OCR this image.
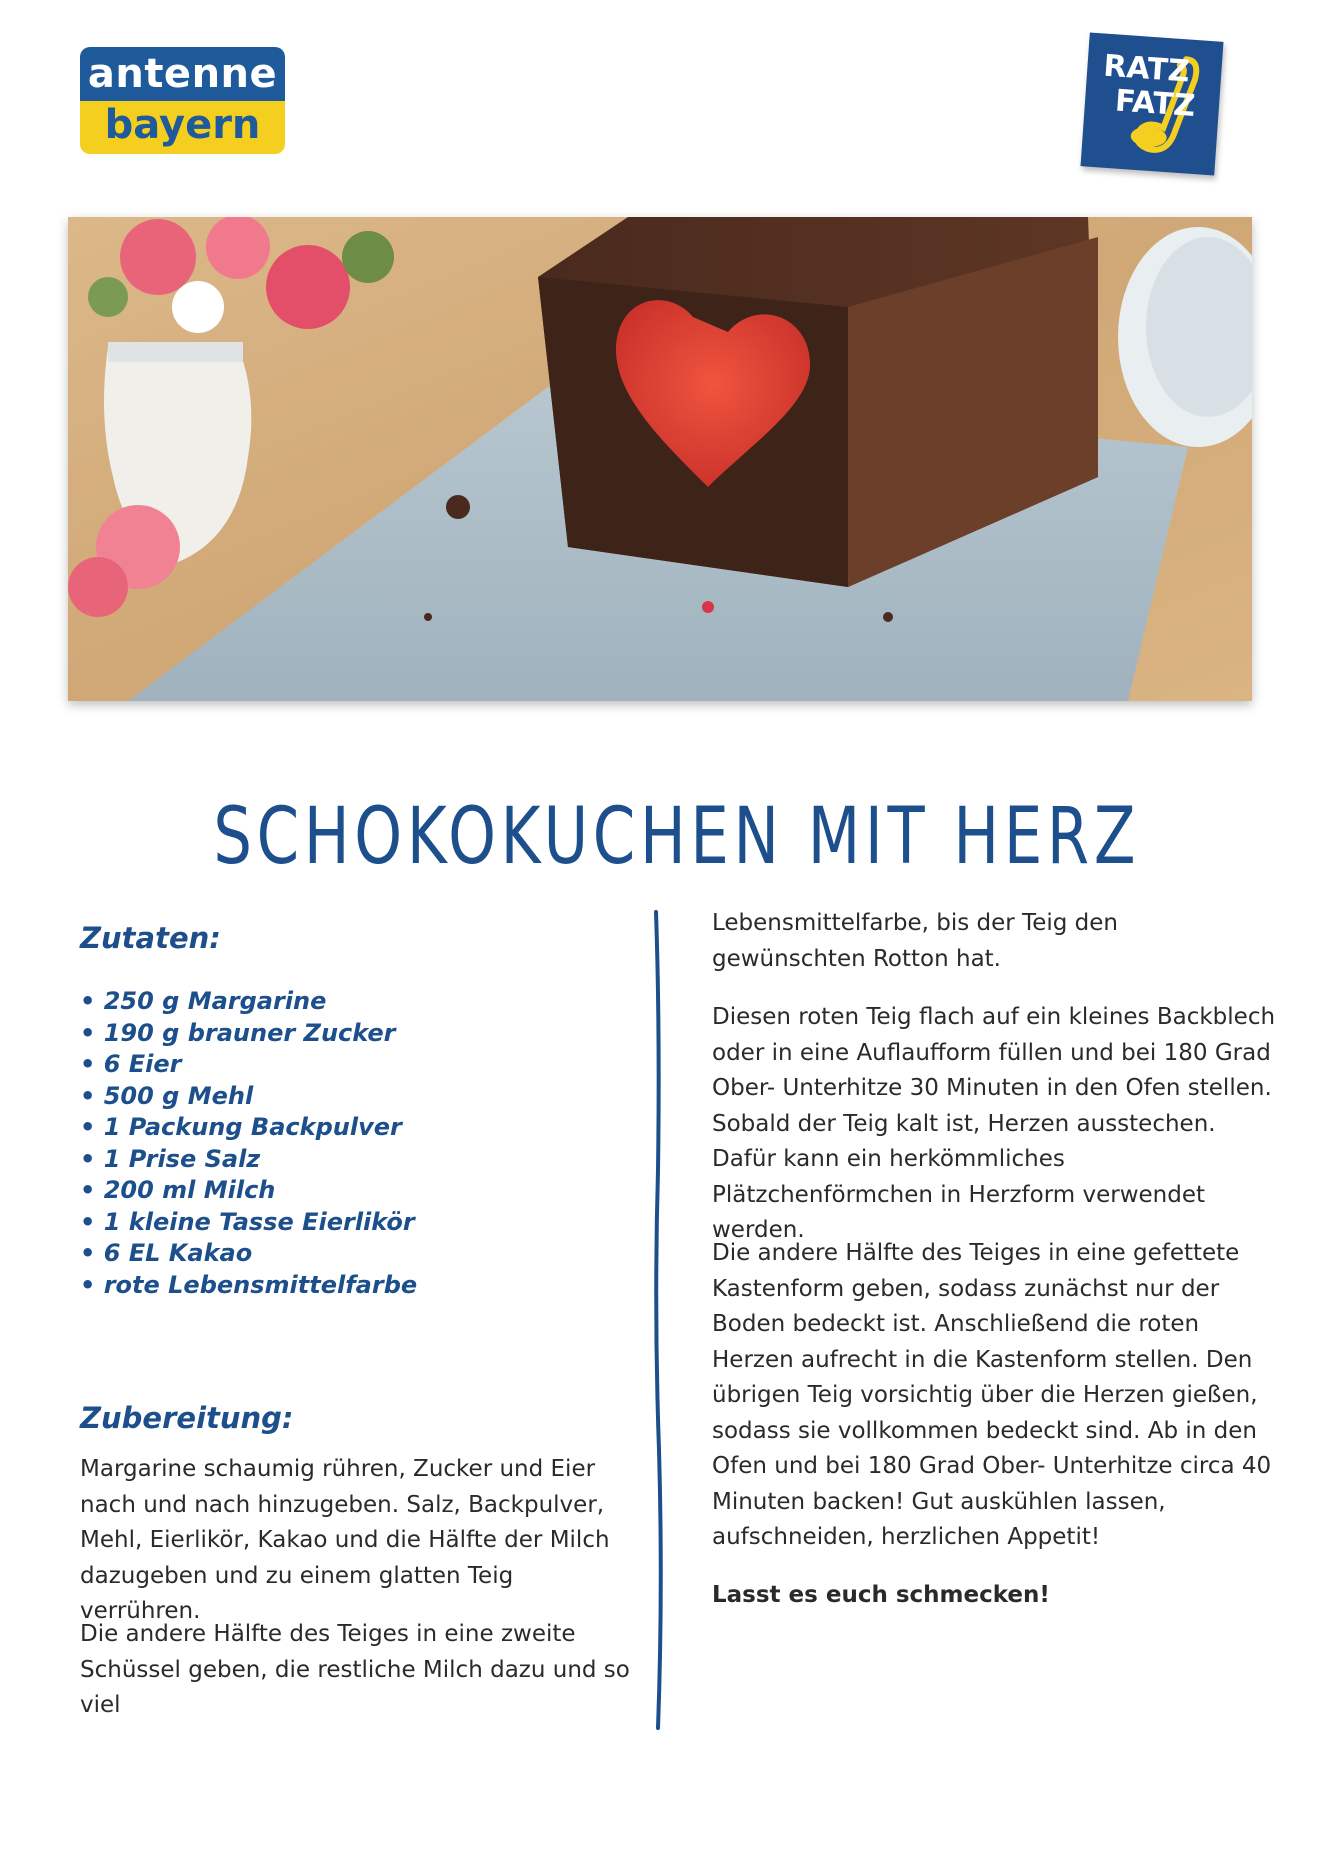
antenne
bayern
RATZ
FATZ
SCHOKOKUCHEN MIT HERZ
Zutaten:
• 250 g Margarine
• 190 g brauner Zucker
• 6 Eier
• 500 g Mehl
• 1 Packung Backpulver
• 1 Prise Salz
• 200 ml Milch
• 1 kleine Tasse Eierlikör
• 6 EL Kakao
• rote Lebensmittelfarbe
Zubereitung:

Margarine schaumig rühren, Zucker und Eier nach und nach hinzugeben. Salz, Backpulver, Mehl, Eierlikör, Kakao und die Hälfte der Milch dazugeben und zu einem glatten Teig verrühren.

Die andere Hälfte des Teiges in eine zweite Schüssel geben, die restliche Milch dazu und so viel

Lebensmittelfarbe, bis der Teig den gewünschten Rotton hat.

Diesen roten Teig flach auf ein kleines Backblech oder in eine Auflaufform füllen und bei 180 Grad Ober- Unterhitze 30 Minuten in den Ofen stellen. Sobald der Teig kalt ist, Herzen ausstechen. Dafür kann ein herkömmliches Plätzchenförmchen in Herzform verwendet werden.

Die andere Hälfte des Teiges in eine gefettete Kastenform geben, sodass zunächst nur der Boden bedeckt ist. Anschließend die roten Herzen aufrecht in die Kastenform stellen. Den übrigen Teig vorsichtig über die Herzen gießen, sodass sie vollkommen bedeckt sind. Ab in den Ofen und bei 180 Grad Ober- Unterhitze circa 40 Minuten backen! Gut auskühlen lassen, aufschneiden, herzlichen Appetit!

Lasst es euch schmecken!
